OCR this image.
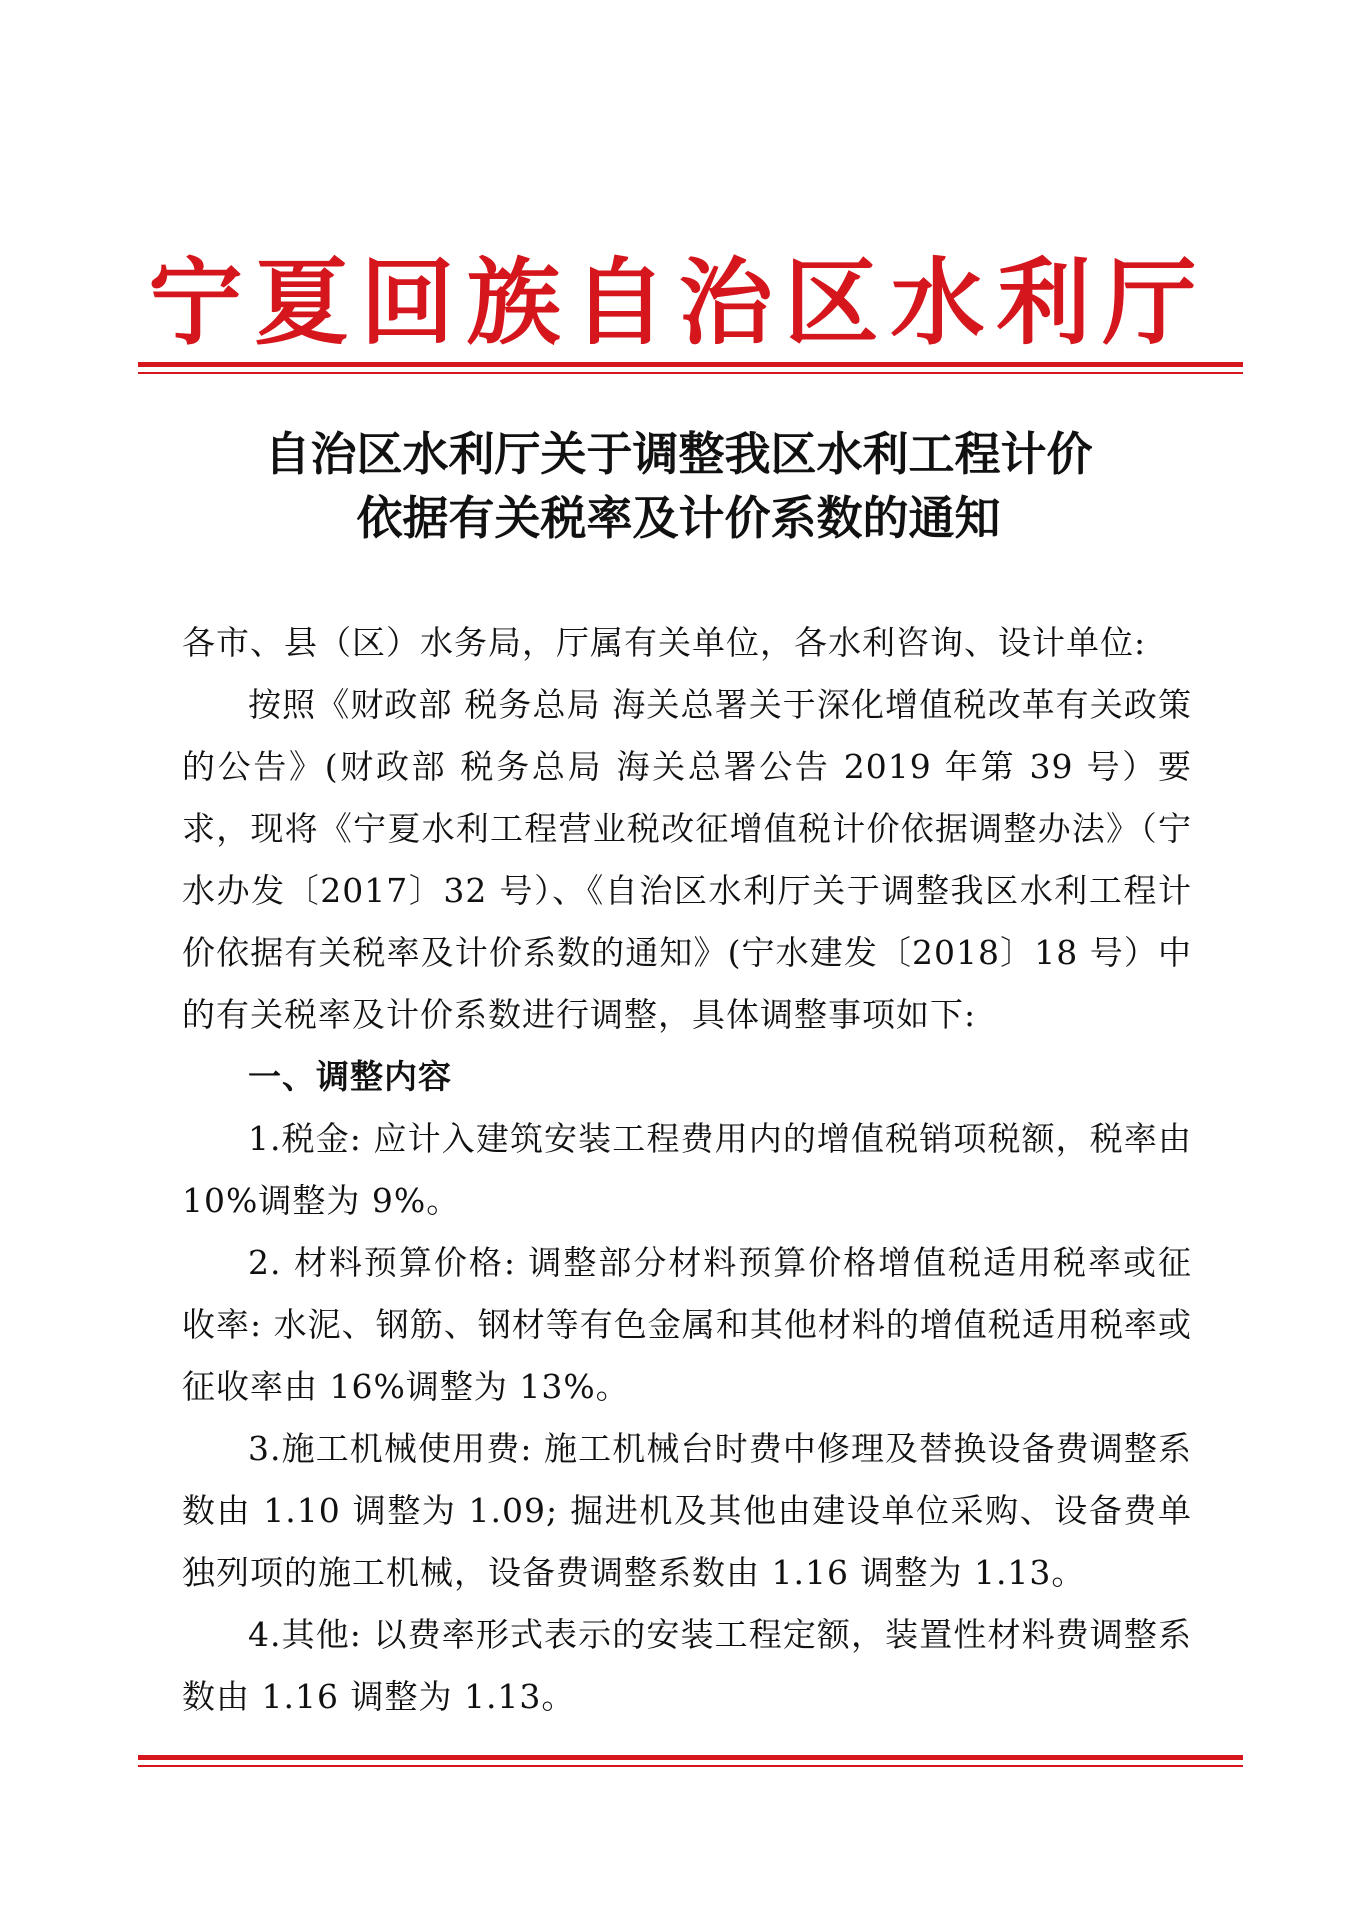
宁夏回族自治区水利厅
自治区水利厅关于调整我区水利工程计价
依据有关税率及计价系数的通知

各市、县（区）水务局，厅属有关单位，各水利咨询、设计单位:

按照《财政部 税务总局 海关总署关于深化增值税改革有关政策的公告》(财政部 税务总局 海关总署公告 2019 年第 39 号）要求，现将《宁夏水利工程营业税改征增值税计价依据调整办法》（宁水办发〔2017〕32 号）、《自治区水利厅关于调整我区水利工程计价依据有关税率及计价系数的通知》(宁水建发〔2018〕18 号）中的有关税率及计价系数进行调整，具体调整事项如下:

一、调整内容

1.税金: 应计入建筑安装工程费用内的增值税销项税额，税率由 10%调整为 9%。

2. 材料预算价格: 调整部分材料预算价格增值税适用税率或征收率: 水泥、钢筋、钢材等有色金属和其他材料的增值税适用税率或征收率由 16%调整为 13%。

3.施工机械使用费: 施工机械台时费中修理及替换设备费调整系数由 1.10 调整为 1.09; 掘进机及其他由建设单位采购、设备费单独列项的施工机械，设备费调整系数由 1.16 调整为 1.13。

4.其他: 以费率形式表示的安装工程定额，装置性材料费调整系数由 1.16 调整为 1.13。
